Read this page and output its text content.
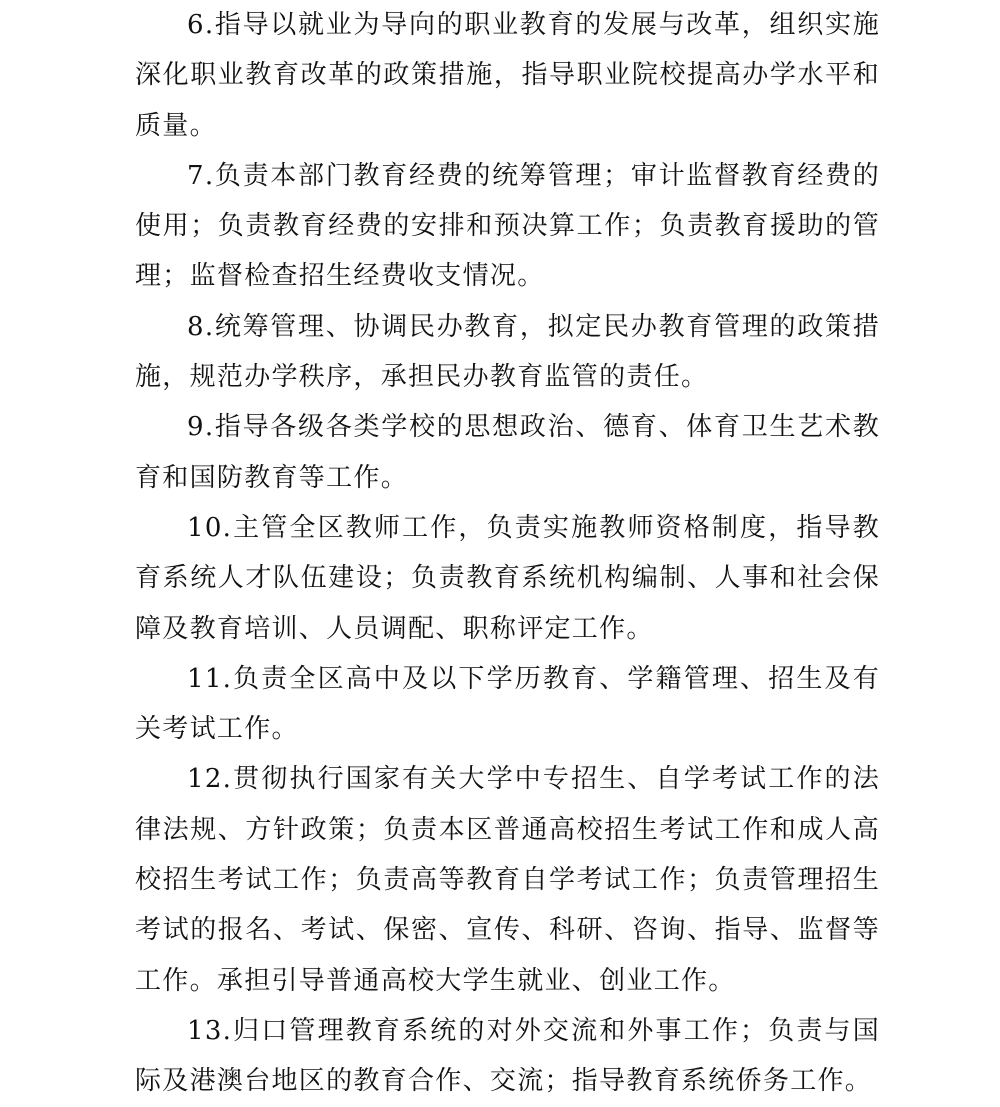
6.指导以就业为导向的职业教育的发展与改革，组织实施深化职业教育改革的政策措施，指导职业院校提高办学水平和质量。

7.负责本部门教育经费的统筹管理；审计监督教育经费的使用；负责教育经费的安排和预决算工作；负责教育援助的管理；监督检查招生经费收支情况。

8.统筹管理、协调民办教育，拟定民办教育管理的政策措施，规范办学秩序，承担民办教育监管的责任。

9.指导各级各类学校的思想政治、德育、体育卫生艺术教育和国防教育等工作。

10.主管全区教师工作，负责实施教师资格制度，指导教育系统人才队伍建设；负责教育系统机构编制、人事和社会保障及教育培训、人员调配、职称评定工作。

11.负责全区高中及以下学历教育、学籍管理、招生及有关考试工作。

12.贯彻执行国家有关大学中专招生、自学考试工作的法律法规、方针政策；负责本区普通高校招生考试工作和成人高校招生考试工作；负责高等教育自学考试工作；负责管理招生考试的报名、考试、保密、宣传、科研、咨询、指导、监督等工作。承担引导普通高校大学生就业、创业工作。

13.归口管理教育系统的对外交流和外事工作；负责与国际及港澳台地区的教育合作、交流；指导教育系统侨务工作。
